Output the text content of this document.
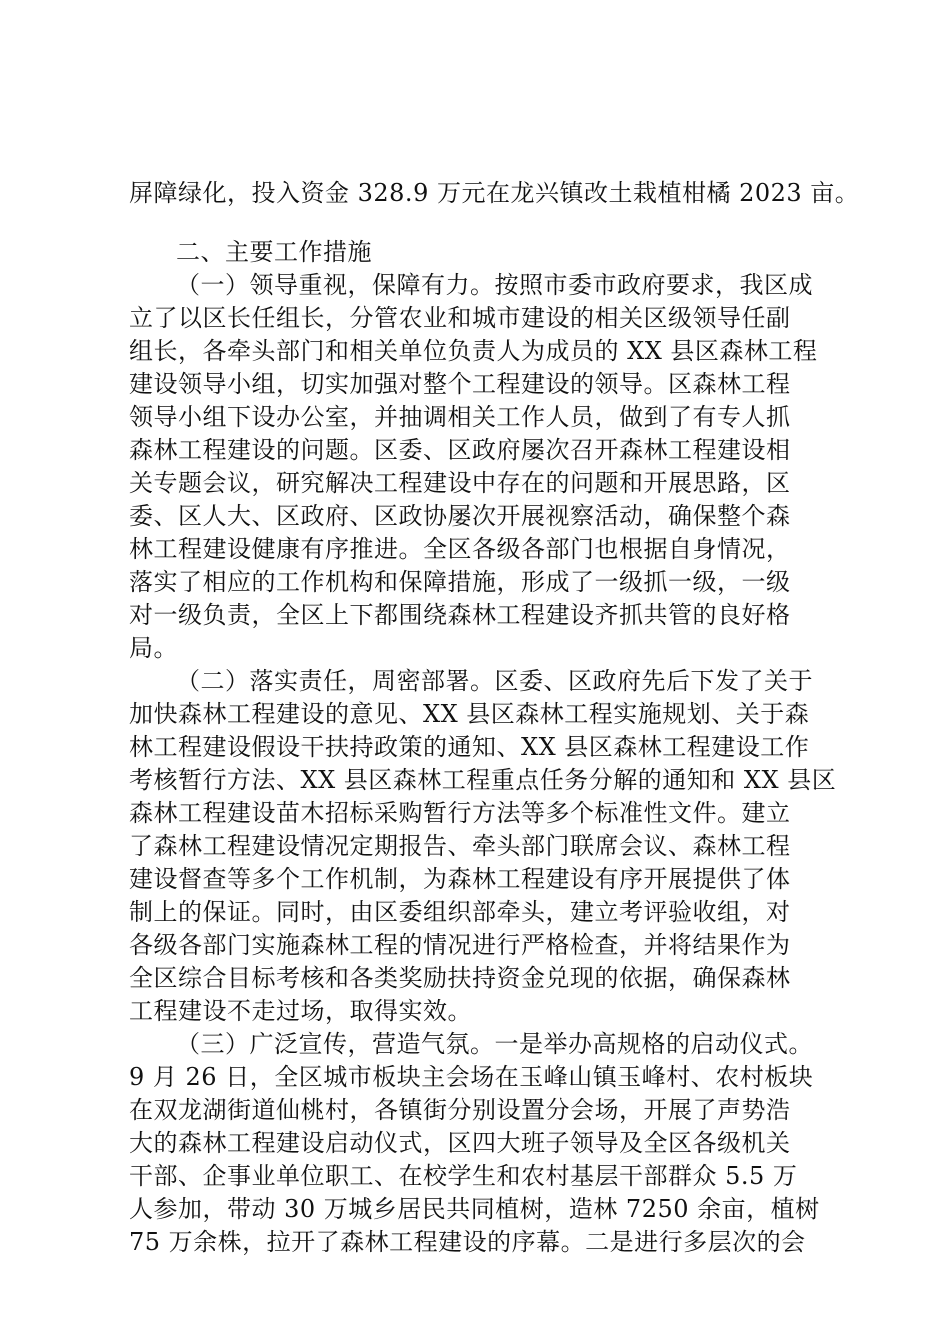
屏障绿化，投入资金 328.9 万元在龙兴镇改土栽植柑橘 2023 亩。
二、主要工作措施
（一）领导重视，保障有力。按照市委市政府要求，我区成
立了以区长任组长，分管农业和城市建设的相关区级领导任副
组长，各牵头部门和相关单位负责人为成员的 XX 县区森林工程
建设领导小组，切实加强对整个工程建设的领导。区森林工程
领导小组下设办公室，并抽调相关工作人员，做到了有专人抓
森林工程建设的问题。区委、区政府屡次召开森林工程建设相
关专题会议，研究解决工程建设中存在的问题和开展思路，区
委、区人大、区政府、区政协屡次开展视察活动，确保整个森
林工程建设健康有序推进。全区各级各部门也根据自身情况，
落实了相应的工作机构和保障措施，形成了一级抓一级，一级
对一级负责，全区上下都围绕森林工程建设齐抓共管的良好格
局。
（二）落实责任，周密部署。区委、区政府先后下发了关于
加快森林工程建设的意见、XX 县区森林工程实施规划、关于森
林工程建设假设干扶持政策的通知、XX 县区森林工程建设工作
考核暂行方法、XX 县区森林工程重点任务分解的通知和 XX 县区
森林工程建设苗木招标采购暂行方法等多个标准性文件。建立
了森林工程建设情况定期报告、牵头部门联席会议、森林工程
建设督查等多个工作机制，为森林工程建设有序开展提供了体
制上的保证。同时，由区委组织部牵头，建立考评验收组，对
各级各部门实施森林工程的情况进行严格检查，并将结果作为
全区综合目标考核和各类奖励扶持资金兑现的依据，确保森林
工程建设不走过场，取得实效。
（三）广泛宣传，营造气氛。一是举办高规格的启动仪式。
9 月 26 日，全区城市板块主会场在玉峰山镇玉峰村、农村板块
在双龙湖街道仙桃村，各镇街分别设置分会场，开展了声势浩
大的森林工程建设启动仪式，区四大班子领导及全区各级机关
干部、企事业单位职工、在校学生和农村基层干部群众 5.5 万
人参加，带动 30 万城乡居民共同植树，造林 7250 余亩，植树
75 万余株，拉开了森林工程建设的序幕。二是进行多层次的会
